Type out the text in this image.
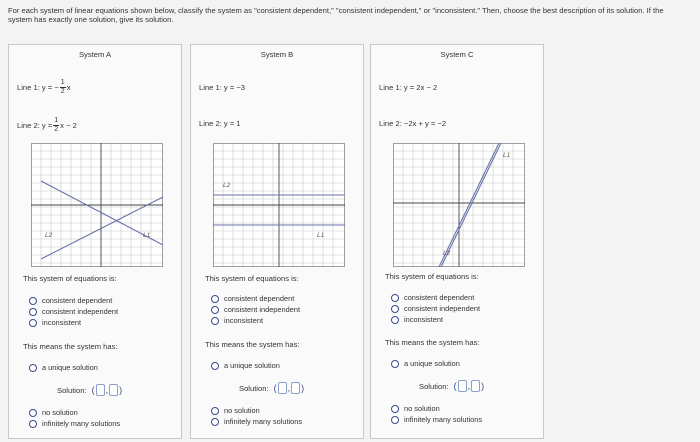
For each system of linear equations shown below, classify the system as "consistent dependent," "consistent independent," or "inconsistent." Then, choose the best description of its solution. If the system has exactly one solution, give its solution.
System A
Line 1: y = − $\frac{1}{2}$ x
Line 2: $y = \frac{1}{2}$ x − 2
L2	L1
This system of equations is:
consistent dependent
consistent independent
inconsistent
This means the system has:
a unique solution
Solution: ( , )
no solution
infinitely many solutions
System B
Line 1: y = −3
Line 2: y = 1
L2
L1
This system of equations is:
consistent dependent
consistent independent
inconsistent
This means the system has:
a unique solution
Solution: ( , )
no solution
infinitely many solutions
System C
Line 1: y = 2x − 2
Line 2: −2x + y = −2
L1
L2
This system of equations is:
consistent dependent
consistent independent
inconsistent
This means the system has:
a unique solution
Solution: ( , )
no solution
infinitely many solutions
